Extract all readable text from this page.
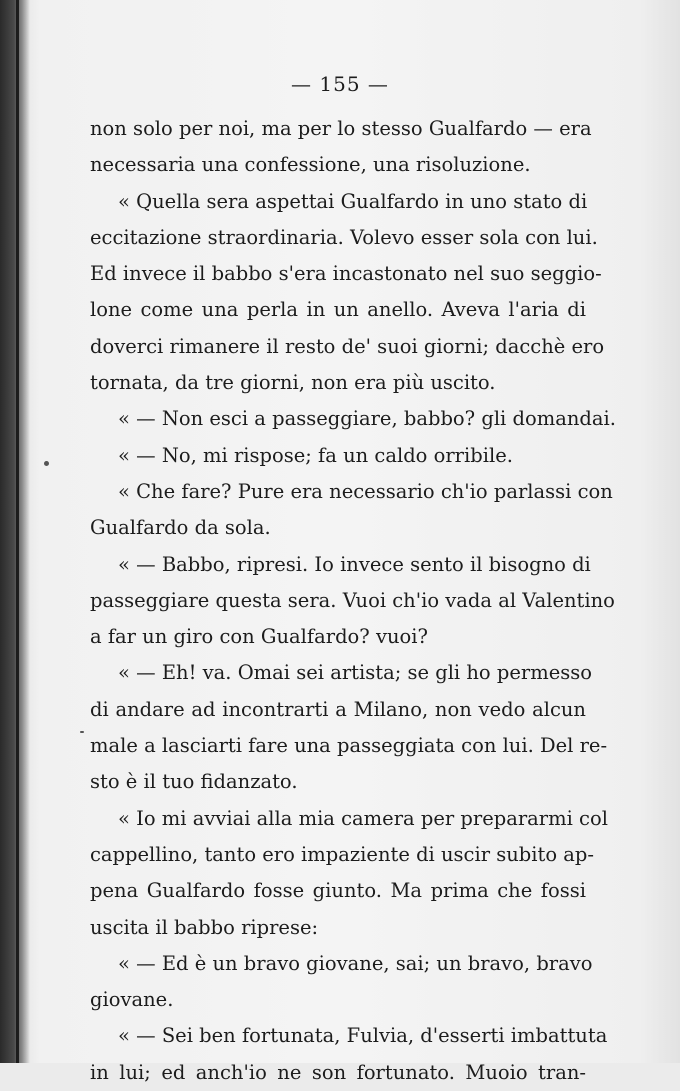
— 155 —
non solo per noi, ma per lo stesso Gualfardo — era
necessaria una confessione, una risoluzione.
« Quella sera aspettai Gualfardo in uno stato di
eccitazione straordinaria. Volevo esser sola con lui.
Ed invece il babbo s'era incastonato nel suo seggio-
lone come una perla in un anello. Aveva l'aria di
doverci rimanere il resto de' suoi giorni; dacchè ero
tornata, da tre giorni, non era più uscito.
« — Non esci a passeggiare, babbo? gli domandai.
« — No, mi rispose; fa un caldo orribile.
« Che fare? Pure era necessario ch'io parlassi con
Gualfardo da sola.
« — Babbo, ripresi. Io invece sento il bisogno di
passeggiare questa sera. Vuoi ch'io vada al Valentino
a far un giro con Gualfardo? vuoi?
« — Eh! va. Omai sei artista; se gli ho permesso
di andare ad incontrarti a Milano, non vedo alcun
male a lasciarti fare una passeggiata con lui. Del re-
sto è il tuo fidanzato.
« Io mi avviai alla mia camera per prepararmi col
cappellino, tanto ero impaziente di uscir subito ap-
pena Gualfardo fosse giunto. Ma prima che fossi
uscita il babbo riprese:
« — Ed è un bravo giovane, sai; un bravo, bravo
giovane.
« — Sei ben fortunata, Fulvia, d'esserti imbattuta
in lui; ed anch'io ne son fortunato. Muoio tran-
